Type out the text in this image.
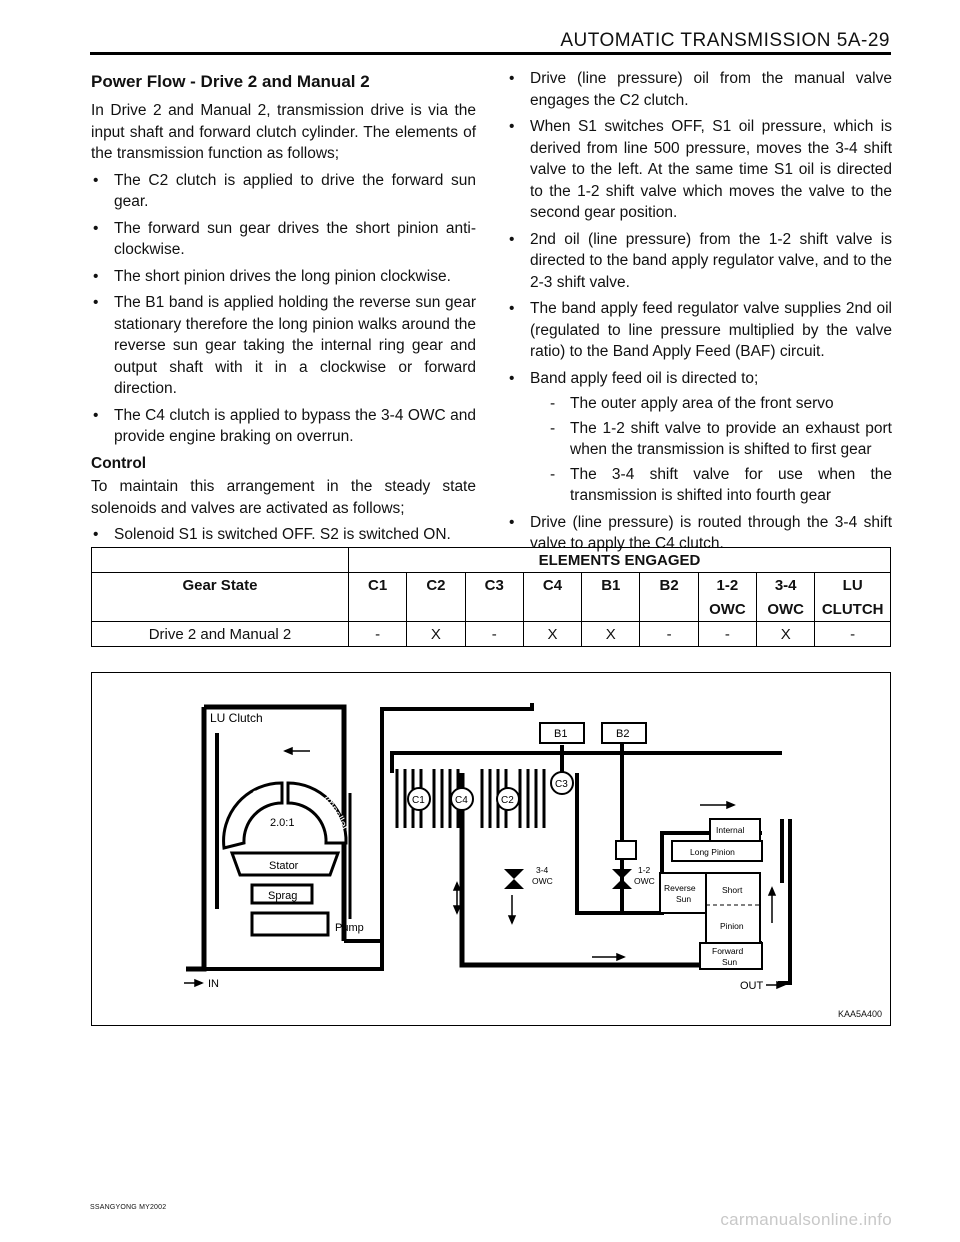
AUTOMATIC TRANSMISSION 5A-29
Power Flow - Drive 2 and Manual 2

In Drive 2 and Manual 2, transmission drive is via the input shaft and forward clutch cylinder. The elements of the transmission function as follows;

• The C2 clutch is applied to drive the forward sun gear.
• The forward sun gear drives the short pinion anti-clockwise.
• The short pinion drives the long pinion clockwise.
• The B1 band is applied holding the reverse sun gear stationary therefore the long pinion walks around the reverse sun gear taking the internal ring gear and output shaft with it in a clockwise or forward direction.
• The C4 clutch is applied to bypass the 3-4 OWC and provide engine braking on overrun.
Control

To maintain this arrangement in the steady state solenoids and valves are activated as follows;

• Solenoid S1 is switched OFF. S2 is switched ON.
• Drive (line pressure) oil from the manual valve engages the C2 clutch.
• When S1 switches OFF, S1 oil pressure, which is derived from line 500 pressure, moves the 3-4 shift valve to the left. At the same time S1 oil is directed to the 1-2 shift valve which moves the valve to the second gear position.
• 2nd oil (line pressure) from the 1-2 shift valve is directed to the band apply regulator valve, and to the 2-3 shift valve.
• The band apply feed regulator valve supplies 2nd oil (regulated to line pressure multiplied by the valve ratio) to the Band Apply Feed (BAF) circuit.
• Band apply feed oil is directed to;
- The outer apply area of the front servo
- The 1-2 shift valve to provide an exhaust port when the transmission is shifted to first gear
- The 3-4 shift valve for use when the transmission is shifted into fourth gear
• Drive (line pressure) is routed through the 3-4 shift valve to apply the C4 clutch.
	ELEMENTS ENGAGED								
Gear State	C1	C2	C3	C4	B1	B2	1-2	3-4	LU
							OWC	OWC	CLUTCH
Drive 2 and Manual 2	-	X	-	X	X	-	-	X	-
LU Clutch
Turbine	Impeller
2.0:1
Stator
Sprag
Pump
IN	OUT
B1	B2
C1	C4	C2
C3
3-4
OWC
1-2
OWC
Internal
Long Pinion
Reverse
Sun
Short
Pinion
Forward
Sun
KAA5A400
SSANGYONG MY2002
carmanualsonline.info
